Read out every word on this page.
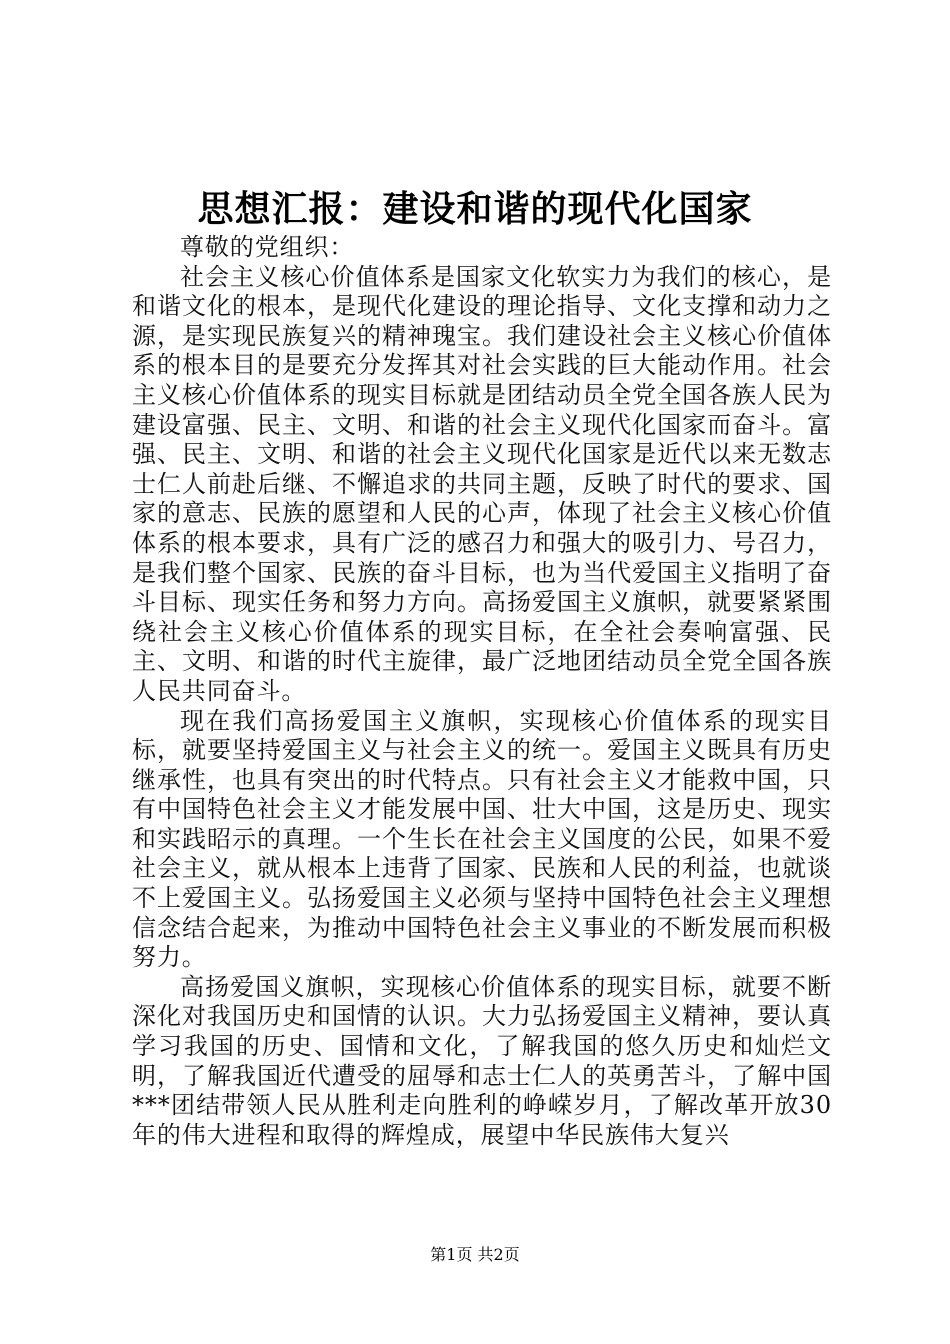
思想汇报：建设和谐的现代化国家

尊敬的党组织：

社会主义核心价值体系是国家文化软实力为我们的核心，是和谐文化的根本，是现代化建设的理论指导、文化支撑和动力之源，是实现民族复兴的精神瑰宝。我们建设社会主义核心价值体系的根本目的是要充分发挥其对社会实践的巨大能动作用。社会主义核心价值体系的现实目标就是团结动员全党全国各族人民为建设富强、民主、文明、和谐的社会主义现代化国家而奋斗。富强、民主、文明、和谐的社会主义现代化国家是近代以来无数志士仁人前赴后继、不懈追求的共同主题，反映了时代的要求、国家的意志、民族的愿望和人民的心声，体现了社会主义核心价值体系的根本要求，具有广泛的感召力和强大的吸引力、号召力，是我们整个国家、民族的奋斗目标，也为当代爱国主义指明了奋斗目标、现实任务和努力方向。高扬爱国主义旗帜，就要紧紧围绕社会主义核心价值体系的现实目标，在全社会奏响富强、民主、文明、和谐的时代主旋律，最广泛地团结动员全党全国各族人民共同奋斗。

现在我们高扬爱国主义旗帜，实现核心价值体系的现实目标，就要坚持爱国主义与社会主义的统一。爱国主义既具有历史继承性，也具有突出的时代特点。只有社会主义才能救中国，只有中国特色社会主义才能发展中国、壮大中国，这是历史、现实和实践昭示的真理。一个生长在社会主义国度的公民，如果不爱社会主义，就从根本上违背了国家、民族和人民的利益，也就谈不上爱国主义。弘扬爱国主义必须与坚持中国特色社会主义理想信念结合起来，为推动中国特色社会主义事业的不断发展而积极努力。

高扬爱国义旗帜，实现核心价值体系的现实目标，就要不断深化对我国历史和国情的认识。大力弘扬爱国主义精神，要认真学习我国的历史、国情和文化，了解我国的悠久历史和灿烂文明，了解我国近代遭受的屈辱和志士仁人的英勇苦斗，了解中国***团结带领人民从胜利走向胜利的峥嵘岁月，了解改革开放30年的伟大进程和取得的辉煌成，展望中华民族伟大复兴

第1页 共2页
